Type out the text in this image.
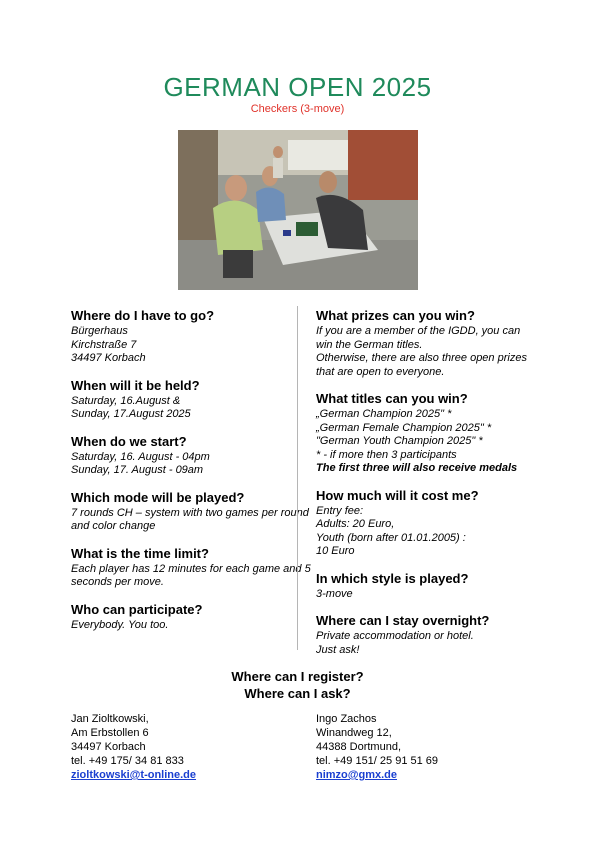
GERMAN OPEN 2025
Checkers (3-move)
Where do I have to go?

Bürgerhaus
Kirchstraße 7
34497 Korbach

When will it be held?

Saturday, 16.August &
Sunday, 17.August 2025

When do we start?

Saturday, 16. August - 04pm
Sunday, 17. August - 09am

Which mode will be played?

7 rounds CH – system with two games per round
and color change

What is the time limit?

Each player has 12 minutes for each game and 5 seconds per move.

Who can participate?

Everybody. You too.

What prizes can you win?

If you are a member of the IGDD, you can win the German titles.
Otherwise, there are also three open prizes that are open to everyone.

What titles can you win?

„German Champion 2025" *
„German Female Champion 2025" *
"German Youth Champion 2025" *
* - if more then 3 participants

The first three will also receive medals

How much will it cost me?

Entry fee:
Adults: 20 Euro,
Youth (born after 01.01.2005) :
10 Euro

In which style is played?

3-move

Where can I stay overnight?

Private accommodation or hotel.
Just ask!

Where can I register?
Where can I ask?
Jan Zioltkowski,
Am Erbstollen 6
34497 Korbach
tel. +49 175/ 34 81 833
zioltkowski@t-online.de
Ingo Zachos
Winandweg 12,
44388 Dortmund,
tel. +49 151/ 25 91 51 69
nimzo@gmx.de
